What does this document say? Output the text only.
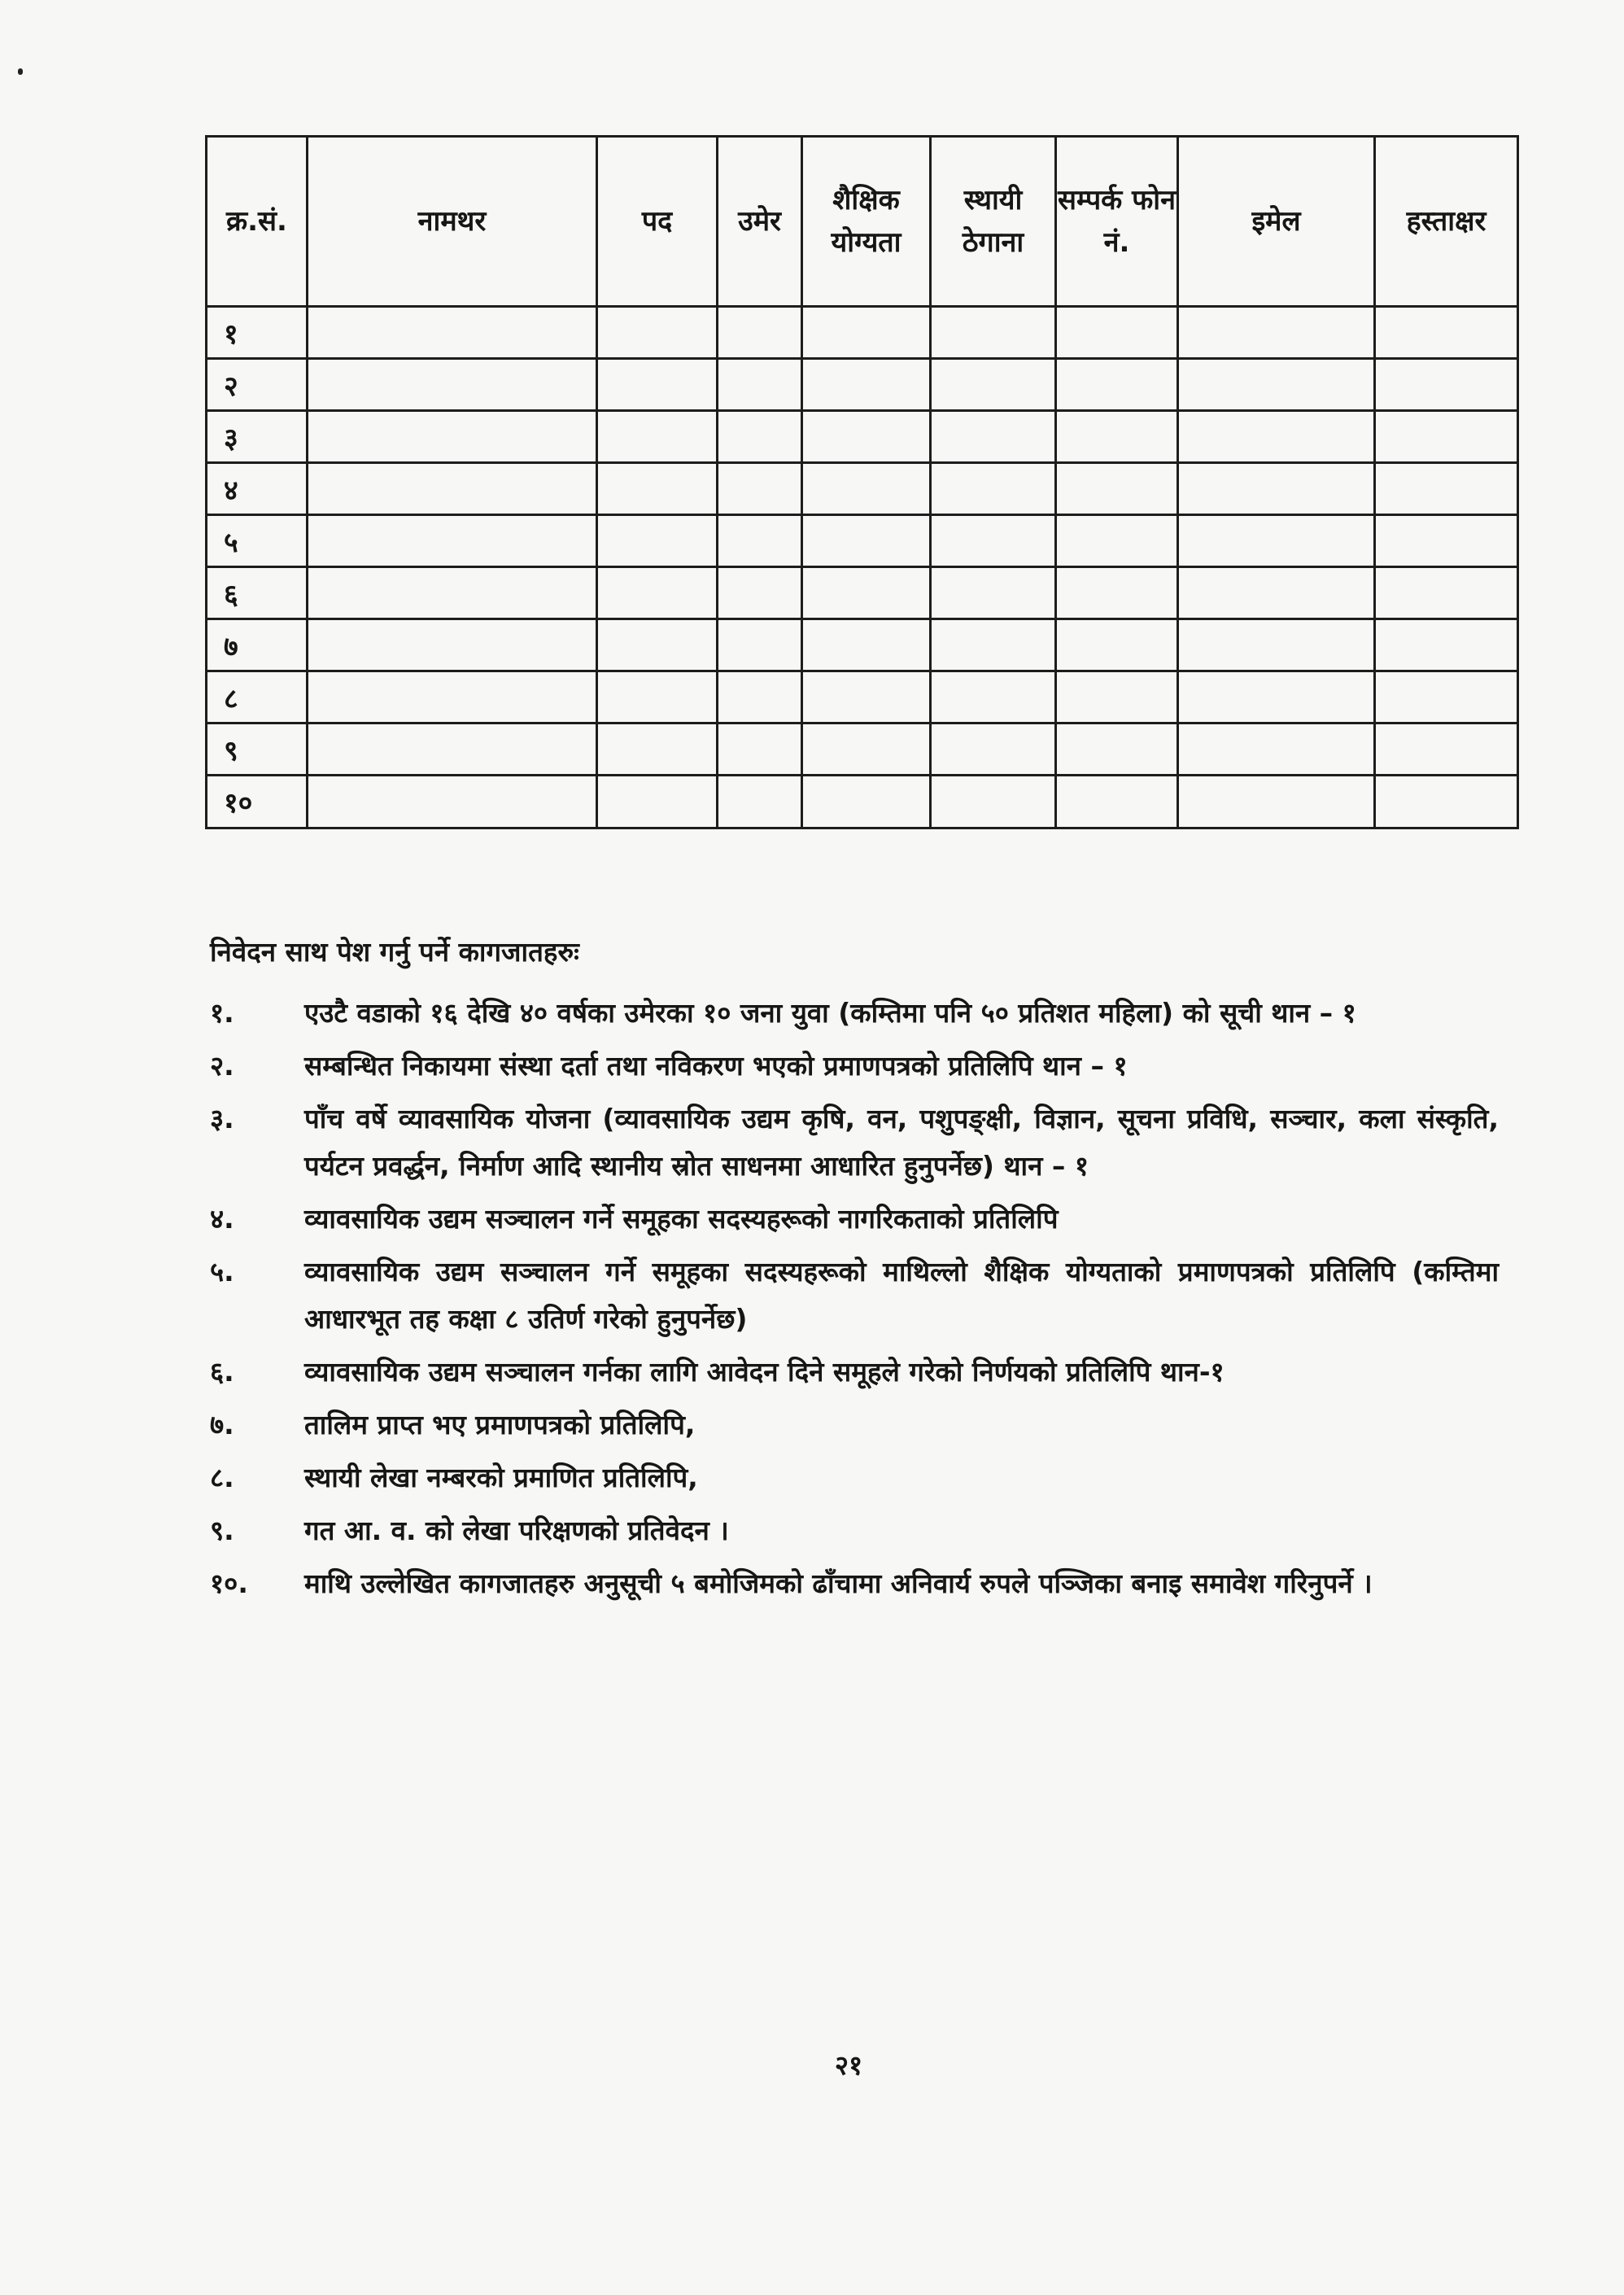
क्र.सं.	नामथर	पद	उमेर	शैक्षिक योग्यता	स्थायी ठेगाना	सम्पर्क फोन नं.	इमेल	हस्ताक्षर
१								
२								
३								
४								
५								
६								
७								
८								
९								
१०								
निवेदन साथ पेश गर्नु पर्ने कागजातहरुः
१.	एउटै वडाको १६ देखि ४० वर्षका उमेरका १० जना युवा (कम्तिमा पनि ५० प्रतिशत महिला) को सूची थान – १
२.	सम्बन्धित निकायमा संस्था दर्ता तथा नविकरण भएको प्रमाणपत्रको प्रतिलिपि थान – १
३.	पाँच वर्षे व्यावसायिक योजना (व्यावसायिक उद्यम कृषि, वन, पशुपङ्क्षी, विज्ञान, सूचना प्रविधि, सञ्चार, कला संस्कृति, पर्यटन प्रवर्द्धन, निर्माण आदि स्थानीय स्रोत साधनमा आधारित हुनुपर्नेछ) थान – १
४.	व्यावसायिक उद्यम सञ्चालन गर्ने समूहका सदस्यहरूको नागरिकताको प्रतिलिपि
५.	व्यावसायिक उद्यम सञ्चालन गर्ने समूहका सदस्यहरूको माथिल्लो शैक्षिक योग्यताको प्रमाणपत्रको प्रतिलिपि (कम्तिमा आधारभूत तह कक्षा ८ उतिर्ण गरेको हुनुपर्नेछ)
६.	व्यावसायिक उद्यम सञ्चालन गर्नका लागि आवेदन दिने समूहले गरेको निर्णयको प्रतिलिपि थान-१
७.	तालिम प्राप्त भए प्रमाणपत्रको प्रतिलिपि,
८.	स्थायी लेखा नम्बरको प्रमाणित प्रतिलिपि,
९.	गत आ. व. को लेखा परिक्षणको प्रतिवेदन ।
१०.	माथि उल्लेखित कागजातहरु अनुसूची ५ बमोजिमको ढाँचामा अनिवार्य रुपले पञ्जिका बनाइ समावेश गरिनुपर्ने ।
२१
